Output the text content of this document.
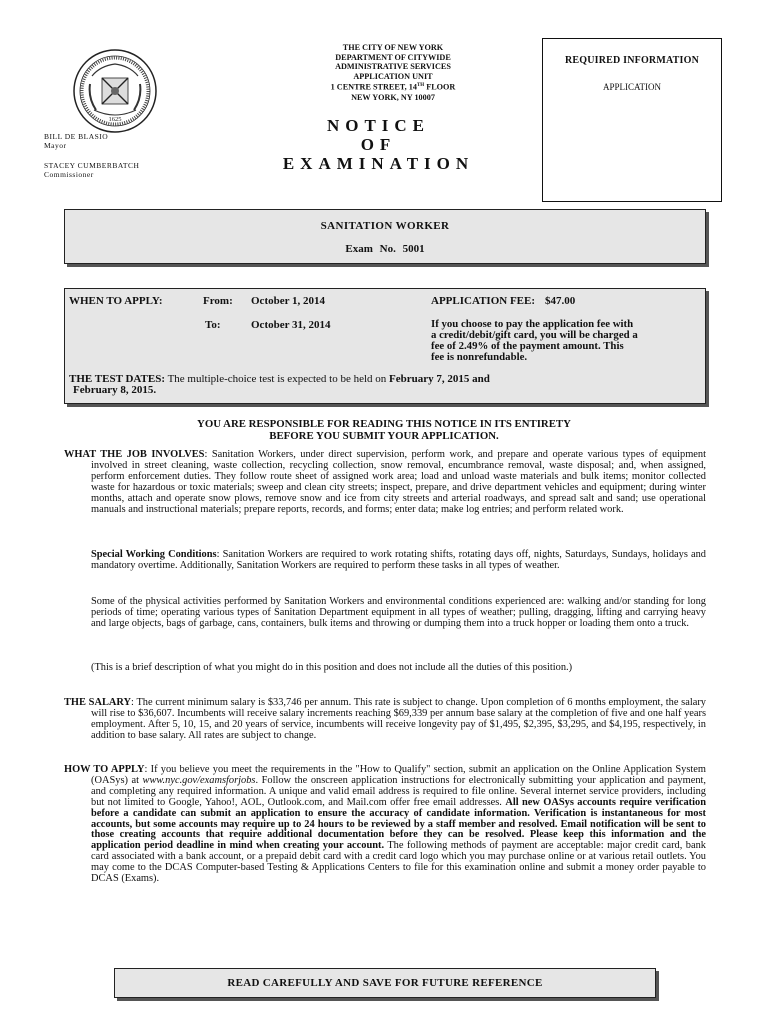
1625
BILL DE BLASIO
Mayor
STACEY CUMBERBATCH
Commissioner
THE CITY OF NEW YORK
DEPARTMENT OF CITYWIDE
ADMINISTRATIVE SERVICES
APPLICATION UNIT
1 CENTRE STREET, 14TH FLOOR
NEW YORK, NY 10007
NOTICE
OF
EXAMINATION
REQUIRED INFORMATION
APPLICATION
SANITATION WORKER
Exam No. 5001
WHEN TO APPLY:	From: October 1, 2014
To:	October 31, 2014
APPLICATION FEE: $47.00
If you choose to pay the application fee with
a credit/debit/gift card, you will be charged a
fee of 2.49% of the payment amount. This
fee is nonrefundable.
THE TEST DATES: The multiple-choice test is expected to be held on February 7, 2015 and
February 8, 2015.
YOU ARE RESPONSIBLE FOR READING THIS NOTICE IN ITS ENTIRETY
BEFORE YOU SUBMIT YOUR APPLICATION.
WHAT THE JOB INVOLVES: Sanitation Workers, under direct supervision, perform work, and prepare and operate various types of equipment involved in street cleaning, waste collection, recycling collection, snow removal, encumbrance removal, waste disposal; and, when assigned, perform enforcement duties. They follow route sheet of assigned work area; load and unload waste materials and bulk items; monitor collected waste for hazardous or toxic materials; sweep and clean city streets; inspect, prepare, and drive department vehicles and equipment; during winter months, attach and operate snow plows, remove snow and ice from city streets and arterial roadways, and spread salt and sand; use operational manuals and instructional materials; prepare reports, records, and forms; enter data; make log entries; and perform related work.
Special Working Conditions: Sanitation Workers are required to work rotating shifts, rotating days off, nights, Saturdays, Sundays, holidays and mandatory overtime. Additionally, Sanitation Workers are required to perform these tasks in all types of weather.
Some of the physical activities performed by Sanitation Workers and environmental conditions experienced are: walking and/or standing for long periods of time; operating various types of Sanitation Department equipment in all types of weather; pulling, dragging, lifting and carrying heavy and large objects, bags of garbage, cans, containers, bulk items and throwing or dumping them into a truck hopper or loading them onto a truck.
(This is a brief description of what you might do in this position and does not include all the duties of this position.)
THE SALARY: The current minimum salary is $33,746 per annum. This rate is subject to change. Upon completion of 6 months employment, the salary will rise to $36,607. Incumbents will receive salary increments reaching $69,339 per annum base salary at the completion of five and one half years employment. After 5, 10, 15, and 20 years of service, incumbents will receive longevity pay of $1,495, $2,395, $3,295, and $4,195, respectively, in addition to base salary. All rates are subject to change.
HOW TO APPLY: If you believe you meet the requirements in the "How to Qualify" section, submit an application on the Online Application System (OASys) at www.nyc.gov/examsforjobs. Follow the onscreen application instructions for electronically submitting your application and payment, and completing any required information. A unique and valid email address is required to file online. Several internet service providers, including but not limited to Google, Yahoo!, AOL, Outlook.com, and Mail.com offer free email addresses. All new OASys accounts require verification before a candidate can submit an application to ensure the accuracy of candidate information. Verification is instantaneous for most accounts, but some accounts may require up to 24 hours to be reviewed by a staff member and resolved. Email notification will be sent to those creating accounts that require additional documentation before they can be resolved. Please keep this information and the application period deadline in mind when creating your account. The following methods of payment are acceptable: major credit card, bank card associated with a bank account, or a prepaid debit card with a credit card logo which you may purchase online or at various retail outlets. You may come to the DCAS Computer-based Testing & Applications Centers to file for this examination online and submit a money order payable to DCAS (Exams).
READ CAREFULLY AND SAVE FOR FUTURE REFERENCE
